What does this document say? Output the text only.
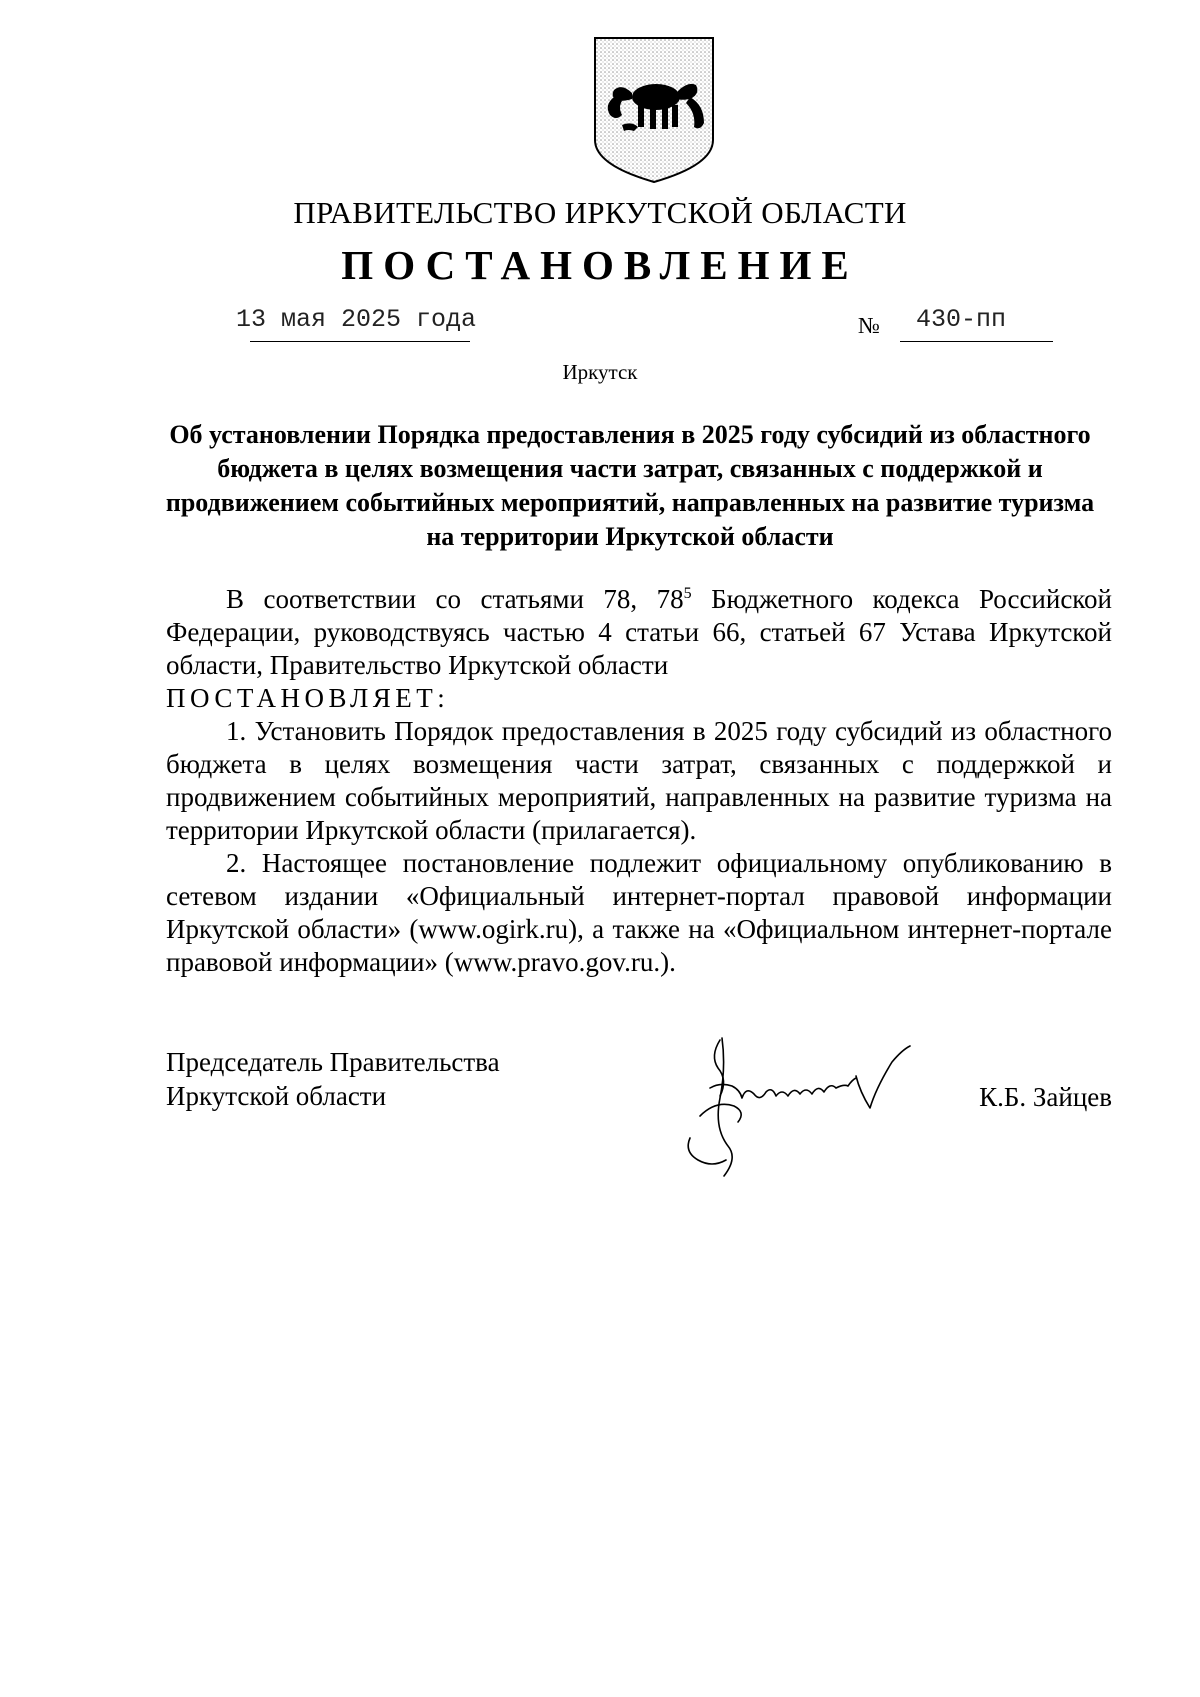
ПРАВИТЕЛЬСТВО ИРКУТСКОЙ ОБЛАСТИ
ПОСТАНОВЛЕНИЕ
13 мая 2025 года	№ 430-пп
Иркутск
Об установлении Порядка предоставления в 2025 году субсидий из областного бюджета в целях возмещения части затрат, связанных с поддержкой и продвижением событийных мероприятий, направленных на развитие туризма на территории Иркутской области

В соответствии со статьями 78, $78^5$ Бюджетного кодекса Российской Федерации, руководствуясь частью 4 статьи 66, статьей 67 Устава Иркутской области, Правительство Иркутской области

ПОСТАНОВЛЯЕТ:

1. Установить Порядок предоставления в 2025 году субсидий из областного бюджета в целях возмещения части затрат, связанных с поддержкой и продвижением событийных мероприятий, направленных на развитие туризма на территории Иркутской области (прилагается).

2. Настоящее постановление подлежит официальному опубликованию в сетевом издании «Официальный интернет-портал правовой информации Иркутской области» (www.ogirk.ru), а также на «Официальном интернет-портале правовой информации» (www.pravo.gov.ru.).

Председатель Правительства
Иркутской области	К.Б. Зайцев
